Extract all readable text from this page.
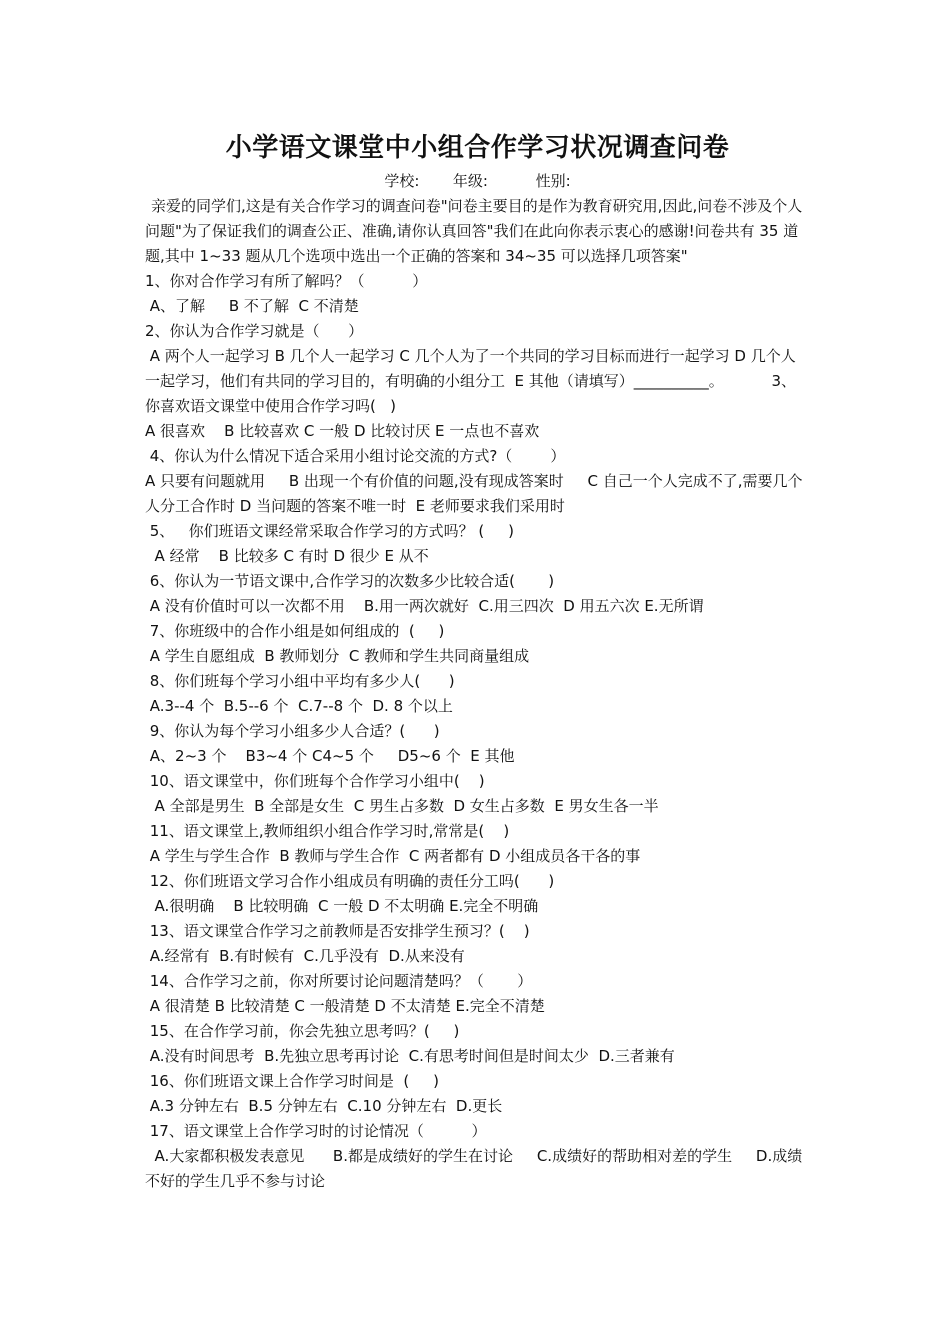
小学语文课堂中小组合作学习状况调查问卷
学校: 年级:	性别:

亲爱的同学们,这是有关合作学习的调查问卷"问卷主要目的是作为教育研究用,因此,问卷不涉及个人问题"为了保证我们的调查公正、准确,请你认真回答"我们在此向你表示衷心的感谢!问卷共有 35 道题,其中 1~33 题从几个选项中选出一个正确的答案和 34~35 可以选择几项答案"

1、你对合作学习有所了解吗？（          ）

A、了解     B 不了解  C 不清楚

2、你认为合作学习就是（      ）

A 两个人一起学习 B 几个人一起学习 C 几个人为了一个共同的学习目标而进行一起学习 D 几个人一起学习，他们有共同的学习目的，有明确的小组分工  E 其他（请填写）__________。	3、你喜欢语文课堂中使用合作学习吗(   )

A 很喜欢    B 比较喜欢 C 一般 D 比较讨厌 E 一点也不喜欢

4、你认为什么情况下适合采用小组讨论交流的方式?（        ）

A 只要有问题就用     B 出现一个有价值的问题,没有现成答案时     C 自己一个人完成不了,需要几个人分工合作时 D 当问题的答案不唯一时  E 老师要求我们采用时

5、   你们班语文课经常采取合作学习的方式吗？ (     )

A 经常    B 比较多 C 有时 D 很少 E 从不

6、你认为一节语文课中,合作学习的次数多少比较合适(       )

A 没有价值时可以一次都不用    B.用一两次就好  C.用三四次  D 用五六次 E.无所谓

7、你班级中的合作小组是如何组成的  (     )

A 学生自愿组成  B 教师划分  C 教师和学生共同商量组成

8、你们班每个学习小组中平均有多少人(      )

A.3--4 个  B.5--6 个  C.7--8 个  D. 8 个以上

9、你认为每个学习小组多少人合适？(      )

A、2~3 个    B3~4 个 C4~5 个     D5~6 个  E 其他

10、语文课堂中，你们班每个合作学习小组中(    )

A 全部是男生  B 全部是女生  C 男生占多数  D 女生占多数  E 男女生各一半

11、语文课堂上,教师组织小组合作学习时,常常是(    )

A 学生与学生合作  B 教师与学生合作  C 两者都有 D 小组成员各干各的事

12、你们班语文学习合作小组成员有明确的责任分工吗(      )

A.很明确    B 比较明确  C 一般 D 不太明确 E.完全不明确

13、语文课堂合作学习之前教师是否安排学生预习？(    )

A.经常有  B.有时候有  C.几乎没有  D.从来没有

14、合作学习之前，你对所要讨论问题清楚吗？（       ）

A 很清楚 B 比较清楚 C 一般清楚 D 不太清楚 E.完全不清楚

15、在合作学习前，你会先独立思考吗？(     )

A.没有时间思考  B.先独立思考再讨论  C.有思考时间但是时间太少  D.三者兼有

16、你们班语文课上合作学习时间是  (     )

A.3 分钟左右  B.5 分钟左右  C.10 分钟左右  D.更长

17、语文课堂上合作学习时的讨论情况（          ）

A.大家都积极发表意见      B.都是成绩好的学生在讨论     C.成绩好的帮助相对差的学生     D.成绩不好的学生几乎不参与讨论
